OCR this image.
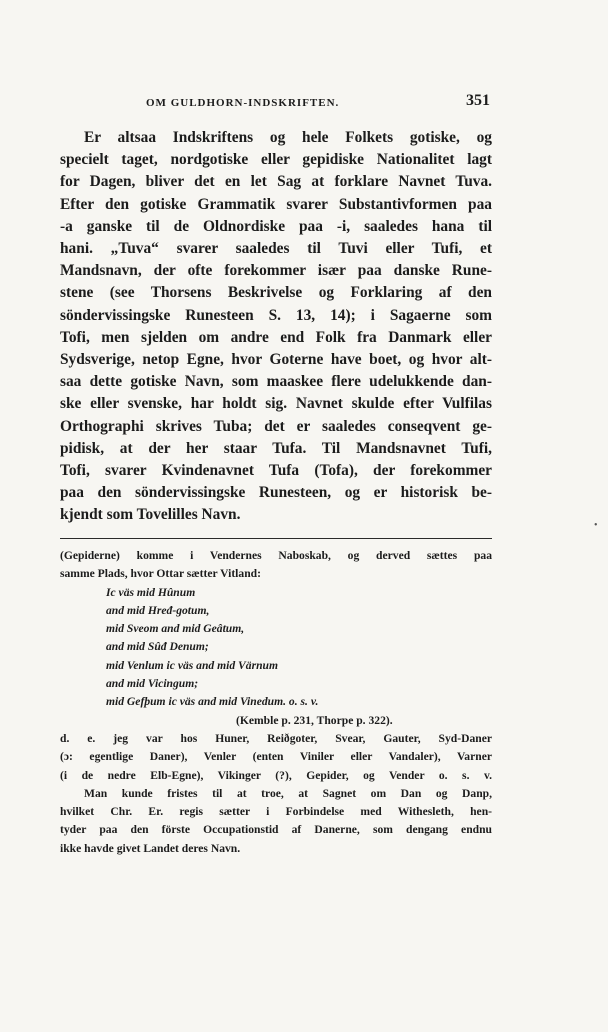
OM GULDHORN-INDSKRIFTEN.	351
Er altsaa Indskriftens og hele Folkets gotiske, og
specielt taget, nordgotiske eller gepidiske Nationalitet lagt
for Dagen, bliver det en let Sag at forklare Navnet Tuva.
Efter den gotiske Grammatik svarer Substantivformen paa
-a ganske til de Oldnordiske paa -i, saaledes hana til
hani. „Tuva“ svarer saaledes til Tuvi eller Tufi, et
Mandsnavn, der ofte forekommer især paa danske Rune-
stene (see Thorsens Beskrivelse og Forklaring af den
söndervissingske Runesteen S. 13, 14); i Sagaerne som
Tofi, men sjelden om andre end Folk fra Danmark eller
Sydsverige, netop Egne, hvor Goterne have boet, og hvor alt-
saa dette gotiske Navn, som maaskee flere udelukkende dan-
ske eller svenske, har holdt sig. Navnet skulde efter Vulfilas
Orthographi skrives Tuba; det er saaledes conseqvent ge-
pidisk, at der her staar Tufa. Til Mandsnavnet Tufi,
Tofi, svarer Kvindenavnet Tufa (Tofa), der forekommer
paa den söndervissingske Runesteen, og er historisk be-
kjendt som Tovelilles Navn.
(Gepiderne) komme i Vendernes Naboskab, og derved sættes paa
samme Plads, hvor Ottar sætter Vitland:
Ic väs mid Hûnum
and mid Hređ-gotum,
mid Sveom and mid Geâtum,
and mid Sûđ Denum;
mid Venlum ic väs and mid Värnum
and mid Vicingum;
mid Gefþum ic väs and mid Vinedum. o. s. v.
(Kemble p. 231, Thorpe p. 322).
d. e. jeg var hos Huner, Reiðgoter, Svear, Gauter, Syd-Daner
(ɔ: egentlige Daner), Venler (enten Viniler eller Vandaler), Varner
(i de nedre Elb-Egne), Vikinger (?), Gepider, og Vender o. s. v.
Man kunde fristes til at troe, at Sagnet om Dan og Danp,
hvilket Chr. Er. regis sætter i Forbindelse med Withesleth, hen-
tyder paa den förste Occupationstid af Danerne, som dengang endnu
ikke havde givet Landet deres Navn.
•
